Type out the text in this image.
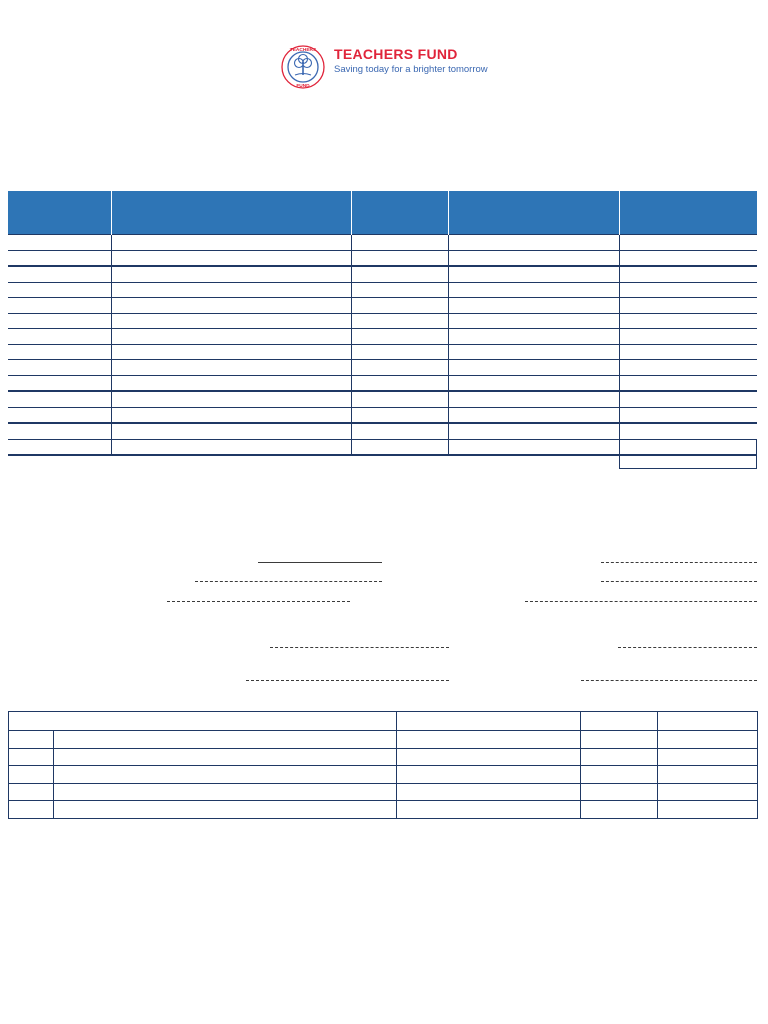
TEACHERS
FUND
TEACHERS FUND
Saving today for a brighter tomorrow
